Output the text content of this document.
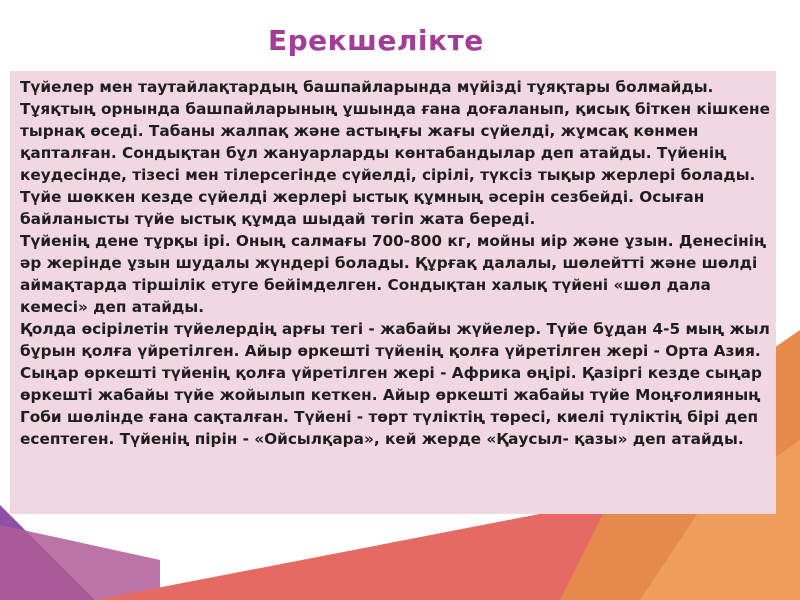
Ерекшелікте

Түйелер мен таутайлақтардың башпайларында мүйізді тұяқтары болмайды. Тұяқтың орнында башпайларының ұшында ғана доғаланып, қисық біткен кішкене тырнақ өседі. Табаны жалпақ және астыңғы жағы сүйелді, жұмсақ көнмен қапталған. Сондықтан бұл жануарларды көнтабандылар деп атайды. Түйенің кеудесінде, тізесі мен тілерсегінде сүйелді, сірілі, түксіз тықыр жерлері болады. Түйе шөккен кезде сүйелді жерлері ыстық құмның әсерін сезбейді. Осыған байланысты түйе ыстық құмда шыдай төгіп жата береді.

Түйенің дене тұрқы ірі. Оның салмағы 700-800 кг, мойны иір және ұзын. Денесінің әр жерінде ұзын шудалы жүндері болады. Құрғақ далалы, шөлейтті және шөлді аймақтарда тіршілік етуге бейімделген. Сондықтан халық түйені «шөл дала кемесі» деп атайды.

Қолда өсірілетін түйелердің арғы тегі - жабайы жүйелер. Түйе бұдан 4-5 мың жыл бұрын қолға үйретілген. Айыр өркешті түйенің қолға үйретілген жері - Орта Азия. Сыңар өркешті түйенің қолға үйретілген жері - Африка өңірі. Қазіргі кезде сыңар өркешті жабайы түйе жойылып кеткен. Айыр өркешті жабайы түйе Моңғолияның Гоби шөлінде ғана сақталған. Түйені - төрт түліктің төресі, киелі түліктің бірі деп есептеген. Түйенің пірін - «Ойсылқара», кей жерде «Қаусыл- қазы» деп атайды.
